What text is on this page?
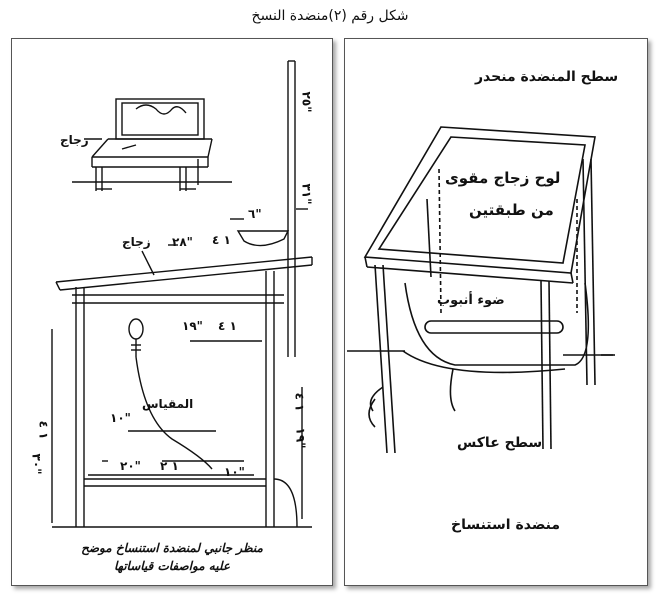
شكل رقم (٢)منضدة النسخ
زجاج
زجاج
المقياس
٢٥"
٣١"
٦"
٢٨" ١ ٤
١٩" ١ ٤
١٠"
٢٠" ١ ٢	١٠"
٣٠"
١ ٤
١ ٤
١٩"
منظر جانبي لمنضدة استنساخ موضح
عليه مواصفات قياساتها
سطح المنضدة منحدر
لوح زجاج مقوى
من طبقتين
ضوء أنبوب
سطح عاكس
منضدة استنساخ
